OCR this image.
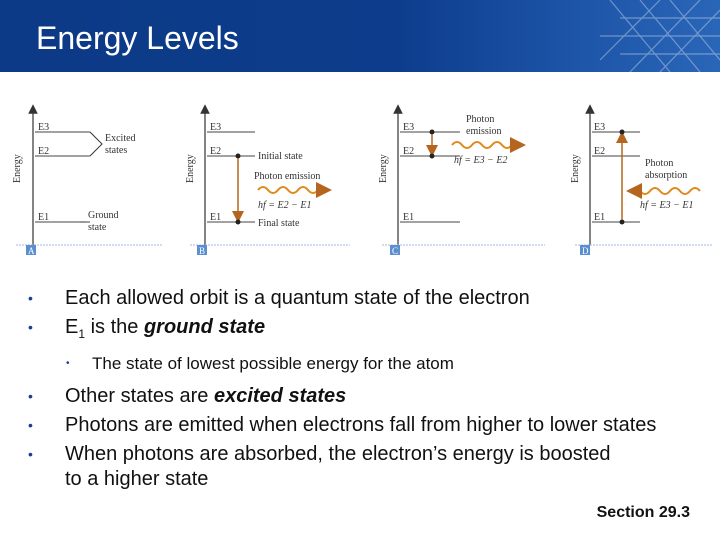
Energy Levels
Energy
E3
E2
E1
Excited
states
Ground
state
A
Energy
E3
E2
E1
Initial state
Photon emission
hf = E2 − E1
Final state
B
Energy
E3
E2
E1
Photon
emission
hf = E3 − E2
C
Energy
E3
E2
E1
Photon
absorption
hf = E3 − E1
D
• Each allowed orbit is a quantum state of the electron
• $E_1$ is the ground state
• The state of lowest possible energy for the atom
• Other states are excited states
• Photons are emitted when electrons fall from higher to lower states
• When photons are absorbed, the electron’s energy is boosted to a higher state
Section 29.3
